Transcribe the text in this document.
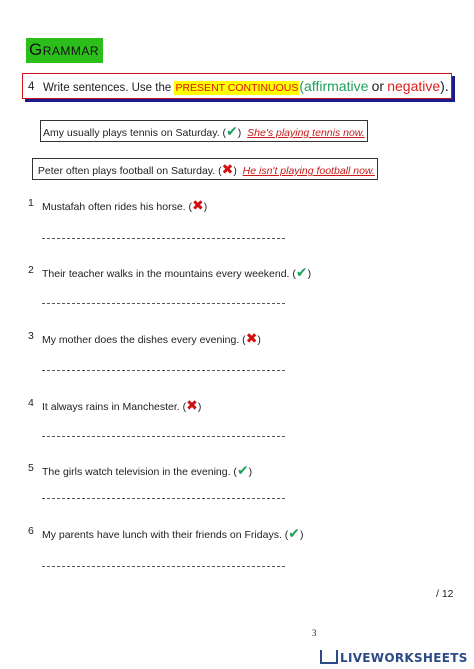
Grammar
4 Write sentences. Use the PRESENT CONTINUOUS(affirmative or negative).
Amy usually plays tennis on Saturday. (✔) She's playing tennis now.
Peter often plays football on Saturday. (✖) He isn't playing football now.
1 Mustafah often rides his horse. (✖)
2 Their teacher walks in the mountains every weekend. (✔)
3 My mother does the dishes every evening. (✖)
4 It always rains in Manchester. (✖)
5 The girls watch television in the evening. (✔)
6 My parents have lunch with their friends on Fridays. (✔)
/ 12
3
LIVEWORKSHEETS
